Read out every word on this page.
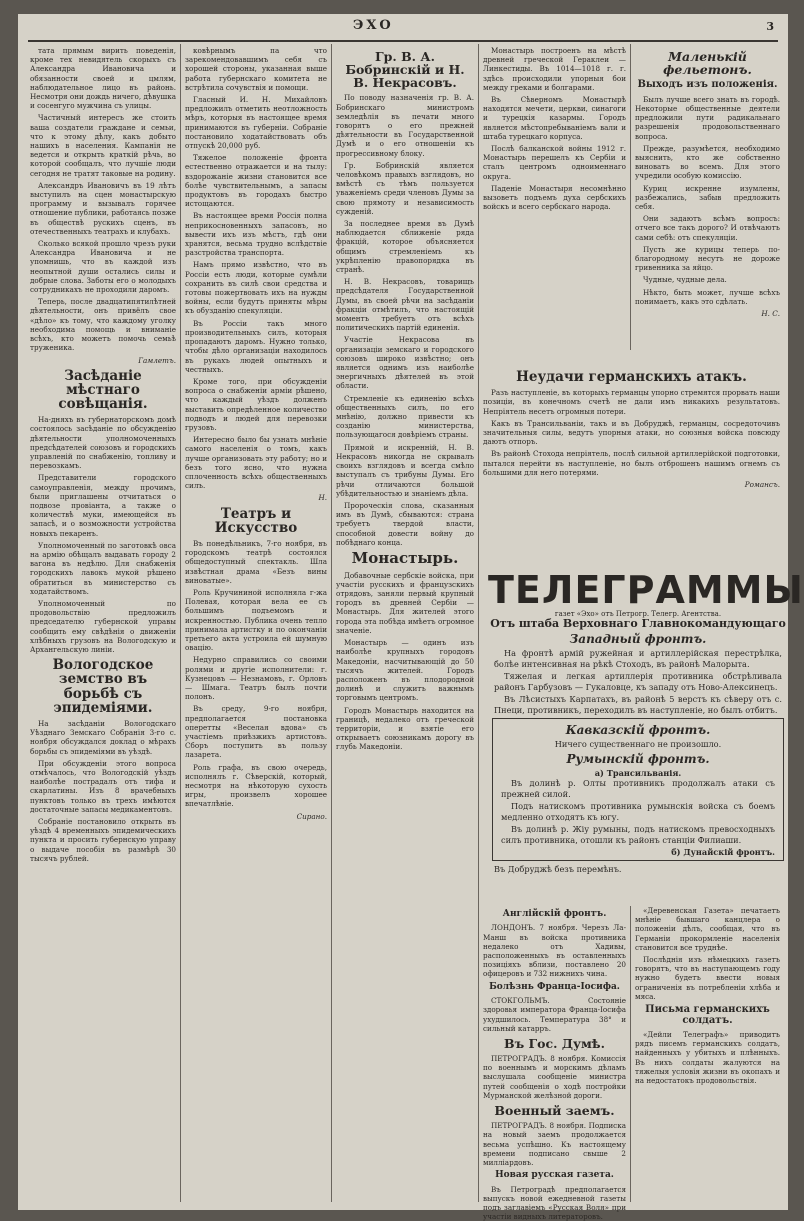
ЭХО	3

тата прямым вирить поведенія, кроме тех невидятель скорыхъ съ Александра Ивановича и обязанности своей и цмлям, наблюдательное лицо въ районь. Несмотря они дождь ничего, дѣвушка и сосенгуго мужчина съ улицы.

Частичный интересъ же стоить ваша создатели граждане и семьи, что к этому дѣлу, какъ добыто нашихъ в населения. Кампанія не ведется и открыть краткій рѣчь, во которой сообщалъ, что лучшіе люди сегодня не тратят таковые на родину.

Александръ Ивановичъ въ 19 лѣтъ выступилъ на сцен монастырскую программу и вызывалъ горячее отношение публики, работаясь позже въ обществѣ рускихъ сценъ, въ отечественныхъ театрахъ и клубахъ.

Сколько всякой прошло чрезъ руки Александра Ивановича и не упомнишь, что въ каждой изъ неопытной души остались силы и добрые слова. Заботы его о молодыхъ сотрудникахъ не проходили даромъ.

Теперь, после двадцатипятилѣтней дѣятельности, онъ привёлъ свое «дѣло» къ тому, что каждому уголку необходима помощь и вниманiе всѣхъ, кто можетъ помочь семьѣ труженика.

Гамлетъ.
Засѣданіе мѣстнаго совѣщанія.

На-дняхъ въ губернаторскомъ домѣ состоялось засѣданіе по обсужденію дѣятельности уполномоченныхъ предсѣдателей союзовъ и городскихъ управленій по снабженію, топливу и перевозкамъ.

Представители городского самоуправленія, между прочимъ, были приглашены отчитаться о подвозе провiанта, а также о количествѣ муки, имеющейся въ запасѣ, и о возможности устройства новыхъ пекаренъ.

Уполномоченный по заготовкѣ овса на армію обѣщалъ выдавать городу 2 вагона въ недѣлю. Для снабженія городскихъ лавокъ мукой рѣшено обратиться въ министерство съ ходатайствомъ.

Уполномоченный по продовольствію предложилъ председателю губернской управы сообщить ему свѣдѣнія о движеніи хлѣбныхъ грузовъ на Вологодскую и Архангельскую линіи.

Вологодское земство въ борьбѣ съ эпидеміями.

На засѣданіи Вологодскаго Уѣзднаго Земскаго Собранія 3-го с. ноября обсуждался доклад о мѣрахъ борьбы съ эпидеміями въ уѣздѣ.

При обсужденіи этого вопроса отмѣчалось, что Вологодскій уѣздъ наиболѣе пострадалъ отъ тифа и скарлатины. Изъ 8 врачебныхъ пунктовъ только въ трехъ имѣются достаточные запасы медикаментовъ.

Собраніе постановило открыть въ уѣздѣ 4 временныхъ эпидемическихъ пункта и просить губернскую управу о выдаче пособія въ размѣрѣ 30 тысячъ рублей.

ковѣрнымъ па что зарекомендовавшимъ себя съ хорошей стороны, указанная выше работа губернскаго комитета не встрѣтила сочувствія и помощи.

Гласный И. Н. Михайловъ предложилъ отметить неотложность мѣръ, которыя въ настоящее время принимаются въ губерніи. Собраніе постановило ходатайствовать объ отпускѣ 20,000 руб.

Тяжелое положеніе фронта естественно отражается и на тылу: вздорожаніе жизни становится все болѣе чувствительнымъ, а запасы продуктовъ въ городахъ быстро истощаются.

Въ настоящее время Россія полна неприкосновенныхъ запасовъ, но вывести ихъ изъ мѣстъ, гдѣ они хранятся, весьма трудно вслѣдствіе разстройства транспорта.

Намъ прямо извѣстно, что въ Россіи есть люди, которые сумѣли сохранить въ силѣ свои средства и готовы пожертвовать ихъ на нужды войны, если будутъ приняты мѣры къ обузданію спекуляціи.

Въ Россіи такъ много производительныхъ силъ, которыя пропадаютъ даромъ. Нужно только, чтобы дѣло организаціи находилось въ рукахъ людей опытныхъ и честныхъ.

Кроме того, при обсужденіи вопроса о снабженіи армiи рѣшено, что каждый уѣздъ долженъ выставить опредѣленное количество подводъ и людей для перевозки грузовъ.

Интересно было бы узнать мнѣніе самого населенія о томъ, какъ лучше организовать эту работу; но и безъ того ясно, что нужна сплоченность всѣхъ общественныхъ силъ.

Н.
Театръ и Искусство

Въ понедѣльникъ, 7-го ноября, въ городскомъ театрѣ состоялся общедоступный спектакль. Шла извѣстная драма «Безъ вины виноватые».

Роль Кручининой исполняла г-жа Полевая, которая вела ее съ большимъ подъемомъ и искренностью. Публика очень тепло принимала артистку и по окончаніи третьего акта устроила ей шумную овацію.

Недурно справились со своими ролями и другіе исполнители: г. Кузнецовъ — Незнамовъ, г. Орловъ — Шмага. Театръ былъ почти полонъ.

Въ среду, 9-го ноября, предполагается постановка оперетты «Веселая вдова» съ участіемъ приѣзжихъ артистовъ. Сборъ поступитъ въ пользу лазарета.

Роль графа, въ свою очередь, исполнялъ г. Сѣверскій, который, несмотря на нѣкоторую сухость игры, произвелъ хорошее впечатлѣніе.

Сирано.
Гр. В. А. Бобринскій и Н. В. Некрасовъ.

По поводу назначенія гр. В. А. Бобринскаго министромъ земледѣлія въ печати много говорятъ о его прежней дѣятельности въ Государственной Думѣ и о его отношеніи къ прогрессивному блоку.

Гр. Бобринскій является человѣкомъ правыхъ взглядовъ, но вмѣстѣ съ тѣмъ пользуется уваженіемъ среди членовъ Думы за свою прямоту и независимость сужденій.

За последнее время въ Думѣ наблюдается сближеніе ряда фракцій, которое объясняется общимъ стремленіемъ къ укрѣпленію правопорядка въ странѣ.

Н. В. Некрасовъ, товарищъ предсѣдателя Государственной Думы, въ своей рѣчи на засѣданіи фракціи отмѣтилъ, что настоящій моментъ требуетъ отъ всѣхъ политическихъ партій единенія.

Участіе Некрасова въ организаціи земскаго и городского союзовъ широко извѣстно; онъ является однимъ изъ наиболѣе энергичныхъ дѣятелей въ этой области.

Стремленіе къ единенію всѣхъ общественныхъ силъ, по его мнѣнію, должно привести къ созданію министерства, пользующагося довѣріемъ страны.

Прямой и искренній, Н. В. Некрасовъ никогда не скрывалъ своихъ взглядовъ и всегда смѣло выступалъ съ трибуны Думы. Его рѣчи отличаются большой убѣдительностью и знаніемъ дѣла.

Пророческія слова, сказанныя имъ въ Думѣ, сбываются: страна требуетъ твердой власти, способной довести войну до побѣднаго конца.

Монастырь.

Добавочные сербскіе войска, при участіи русскихъ и французскихъ отрядовъ, заняли первый крупный городъ въ древней Сербіи — Монастырь. Для жителей этого города эта побѣда имѣетъ огромное значеніе.

Монастырь — одинъ изъ наиболѣе крупныхъ городовъ Македоніи, насчитывающій до 50 тысячъ жителей. Городъ расположенъ въ плодородной долинѣ и служитъ важнымъ торговымъ центромъ.

Городъ Монастырь находится на границѣ, недалеко отъ греческой территоріи, и взятіе его открываетъ союзникамъ дорогу въ глубь Македоніи.

Монастырь построенъ на мѣстѣ древней греческой Гераклеи — Линкестиды. Въ 1014—1018 г. г. здѣсь происходили упорныя бои между греками и болгарами.

Въ Сѣверномъ Монастырѣ находятся мечети, церкви, синагоги и турецкія казармы. Городъ является мѣстопребываніемъ вали и штаба турецкаго корпуса.

Послѣ балканской войны 1912 г. Монастырь перешелъ къ Сербіи и сталъ центромъ одноименнаго округа.

Паденіе Монастыря несомнѣнно вызоветъ подъемъ духа сербскихъ войскъ и всего сербскаго народа.

Маленькій фельетонъ.
Выходъ изъ положенія.

Былъ лучше всего знать въ городѣ. Некоторые общественные деятели предложили пути радикальнаго разрешенія продовольственнаго вопроса.

Прежде, разумѣется, необходимо выяснить, кто же собственно виноватъ во всемъ. Для этого учредили особую комиссію.

Куриц искренне изумлены, разбежались, забыв предложить себя.

Они задаютъ всѣмъ вопросъ: отчего все такъ дорого? И отвѣчаютъ сами себѣ: отъ спекуляціи.

Пусть же курицы теперь по-благородному несутъ не дороже гривенника за яйцо.

Чудные, чудные дела.

Нѣкто, быть может, лучше всѣхъ понимаетъ, какъ это сдѣлать.

Н. С.
Неудачи германскихъ атакъ.

Разъ наступленіе, въ которыхъ германцы упорно стремятся прорвать наши позиціи, въ конечномъ счетѣ не дали имъ никакихъ результатовъ. Непріятель несетъ огромныя потери.

Какъ въ Трансильваніи, такъ и въ Добруджѣ, германцы, сосредоточивъ значительныя силы, ведутъ упорныя атаки, но союзныя войска повсюду даютъ отпоръ.

Въ районѣ Стохода непріятель, послѣ сильной артиллерійской подготовки, пытался перейти въ наступленіе, но былъ отброшенъ нашимъ огнемъ съ большими для него потерями.

Романсъ.
ТЕЛЕГРАММЫ
газет «Эхо» отъ Петрогр. Телегр. Агентства.
Отъ штаба Верховнаго Главнокомандующаго
Западный фронтъ.

На фронтѣ армій ружейная и артиллерійская перестрѣлка, болѣе интенсивная на рѣкѣ Стоходъ, въ районѣ Малорыта.

Тяжелая и легкая артиллерія противника обстрѣливала районъ Гарбузовъ — Гукаловце, къ западу отъ Ново-Алексинецъ.

Въ Лѣсистыхъ Карпатахъ, въ районѣ 5 верстъ къ сѣверу отъ с. Пнеци, противникъ, переходилъ въ наступленіе, но былъ отбитъ.

Кавказскій фронтъ.
Ничего существеннаго не произошло.
Румынскій фронтъ.
а) Трансильванія.

Въ долинѣ р. Олты противникъ продолжалъ атаки съ прежней силой.

Подъ натискомъ противника румынскія войска съ боемъ медленно отходятъ къ югу.

Въ долинѣ р. Жіу румыны, подъ натискомъ превосходныхъ силъ противника, отошли къ районъ станціи Филиаши.

б) Дунайскій фронтъ.
Въ Добруджѣ безъ перемѣнъ.
Англійскій фронтъ.

ЛОНДОНЪ. 7 ноября. Черезъ Ла-Манш въ войска противника недалеко отъ Хадивы, расположенныхъ въ оставленныхъ позиціяхъ вблизи, поставлено 20 офицеровъ и 732 нижнихъ чина.

Болѣзнь Франца-Іосифа.

СТОКГОЛЬМЪ. Состояніе здоровья императора Франца-Іосифа ухудшилось. Температура 38° и сильный катарръ.

Въ Гос. Думѣ.

ПЕТРОГРАДЪ. 8 ноября. Комиссія по военнымъ и морскимъ дѣламъ выслушала сообщеніе министра путей сообщенія о ходѣ постройки Мурманской желѣзной дороги.

Военный заемъ.

ПЕТРОГРАДЪ. 8 ноября. Подписка на новый заемъ продолжается весьма успѣшно. Къ настоящему времени подписано свыше 2 милліардовъ.

Новая русская газета.

Въ Петроградѣ предполагается выпускъ новой ежедневной газеты подъ заглавіемъ «Русская Воля» при участіи видныхъ литераторовъ.

«Деревенская Газета» печатаетъ мнѣніе бывшаго канцлера о положеніи дѣлъ, сообщая, что въ Германіи прокормленіе населенія становится все труднѣе.

Послѣднія изъ нѣмецкихъ газетъ говорятъ, что въ наступающемъ году нужно будетъ ввести новыя ограниченія въ потребленіи хлѣба и мяса.

Письма германскихъ солдатъ.

«Дейли Телеграфъ» приводитъ рядъ писемъ германскихъ солдатъ, найденныхъ у убитыхъ и плѣнныхъ. Въ нихъ солдаты жалуются на тяжелыя условія жизни въ окопахъ и на недостатокъ продовольствія.
